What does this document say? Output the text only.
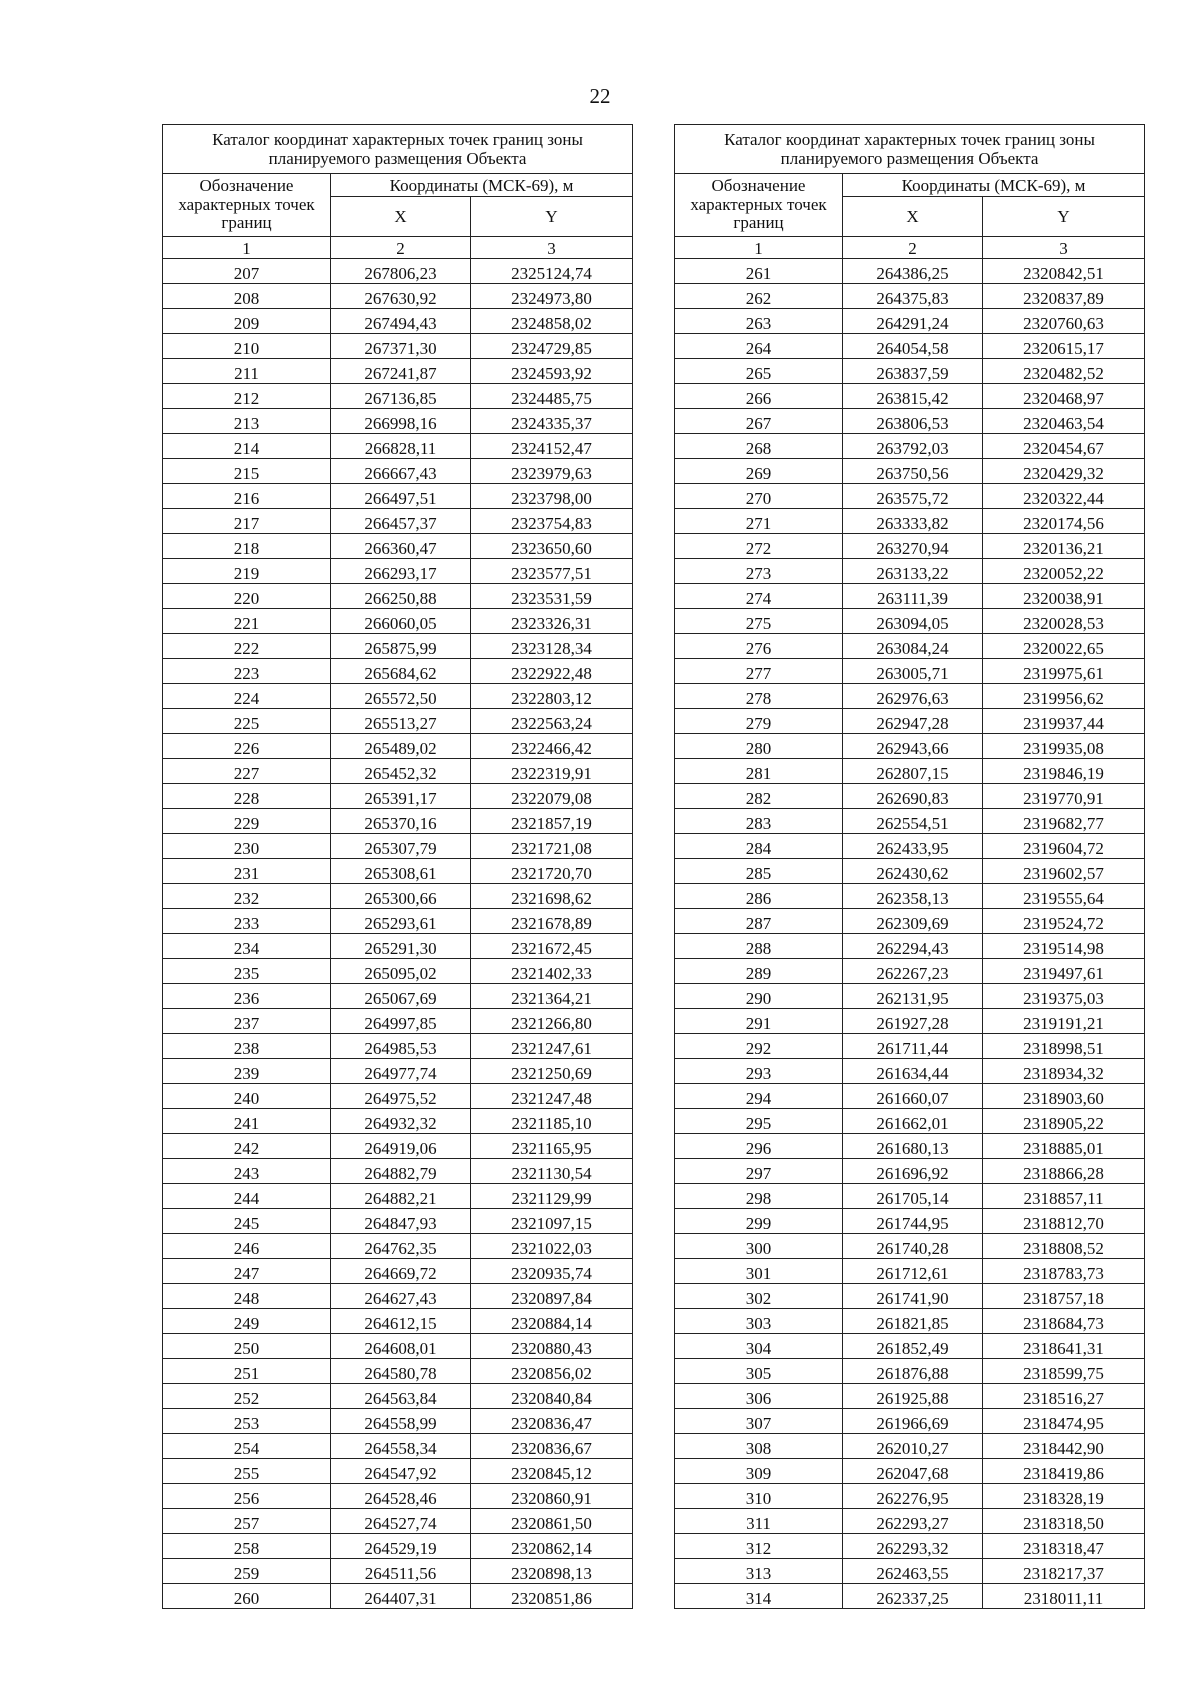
22
Каталог координат характерных точек границ зоны планируемого размещения Объекта		
Обозначение характерных точек границ	Координаты (МСК-69), м	
	X	Y
1	2	3
207	267806,23	2325124,74
208	267630,92	2324973,80
209	267494,43	2324858,02
210	267371,30	2324729,85
211	267241,87	2324593,92
212	267136,85	2324485,75
213	266998,16	2324335,37
214	266828,11	2324152,47
215	266667,43	2323979,63
216	266497,51	2323798,00
217	266457,37	2323754,83
218	266360,47	2323650,60
219	266293,17	2323577,51
220	266250,88	2323531,59
221	266060,05	2323326,31
222	265875,99	2323128,34
223	265684,62	2322922,48
224	265572,50	2322803,12
225	265513,27	2322563,24
226	265489,02	2322466,42
227	265452,32	2322319,91
228	265391,17	2322079,08
229	265370,16	2321857,19
230	265307,79	2321721,08
231	265308,61	2321720,70
232	265300,66	2321698,62
233	265293,61	2321678,89
234	265291,30	2321672,45
235	265095,02	2321402,33
236	265067,69	2321364,21
237	264997,85	2321266,80
238	264985,53	2321247,61
239	264977,74	2321250,69
240	264975,52	2321247,48
241	264932,32	2321185,10
242	264919,06	2321165,95
243	264882,79	2321130,54
244	264882,21	2321129,99
245	264847,93	2321097,15
246	264762,35	2321022,03
247	264669,72	2320935,74
248	264627,43	2320897,84
249	264612,15	2320884,14
250	264608,01	2320880,43
251	264580,78	2320856,02
252	264563,84	2320840,84
253	264558,99	2320836,47
254	264558,34	2320836,67
255	264547,92	2320845,12
256	264528,46	2320860,91
257	264527,74	2320861,50
258	264529,19	2320862,14
259	264511,56	2320898,13
260	264407,31	2320851,86
Каталог координат характерных точек границ зоны планируемого размещения Объекта		
Обозначение характерных точек границ	Координаты (МСК-69), м	
	X	Y
1	2	3
261	264386,25	2320842,51
262	264375,83	2320837,89
263	264291,24	2320760,63
264	264054,58	2320615,17
265	263837,59	2320482,52
266	263815,42	2320468,97
267	263806,53	2320463,54
268	263792,03	2320454,67
269	263750,56	2320429,32
270	263575,72	2320322,44
271	263333,82	2320174,56
272	263270,94	2320136,21
273	263133,22	2320052,22
274	263111,39	2320038,91
275	263094,05	2320028,53
276	263084,24	2320022,65
277	263005,71	2319975,61
278	262976,63	2319956,62
279	262947,28	2319937,44
280	262943,66	2319935,08
281	262807,15	2319846,19
282	262690,83	2319770,91
283	262554,51	2319682,77
284	262433,95	2319604,72
285	262430,62	2319602,57
286	262358,13	2319555,64
287	262309,69	2319524,72
288	262294,43	2319514,98
289	262267,23	2319497,61
290	262131,95	2319375,03
291	261927,28	2319191,21
292	261711,44	2318998,51
293	261634,44	2318934,32
294	261660,07	2318903,60
295	261662,01	2318905,22
296	261680,13	2318885,01
297	261696,92	2318866,28
298	261705,14	2318857,11
299	261744,95	2318812,70
300	261740,28	2318808,52
301	261712,61	2318783,73
302	261741,90	2318757,18
303	261821,85	2318684,73
304	261852,49	2318641,31
305	261876,88	2318599,75
306	261925,88	2318516,27
307	261966,69	2318474,95
308	262010,27	2318442,90
309	262047,68	2318419,86
310	262276,95	2318328,19
311	262293,27	2318318,50
312	262293,32	2318318,47
313	262463,55	2318217,37
314	262337,25	2318011,11
